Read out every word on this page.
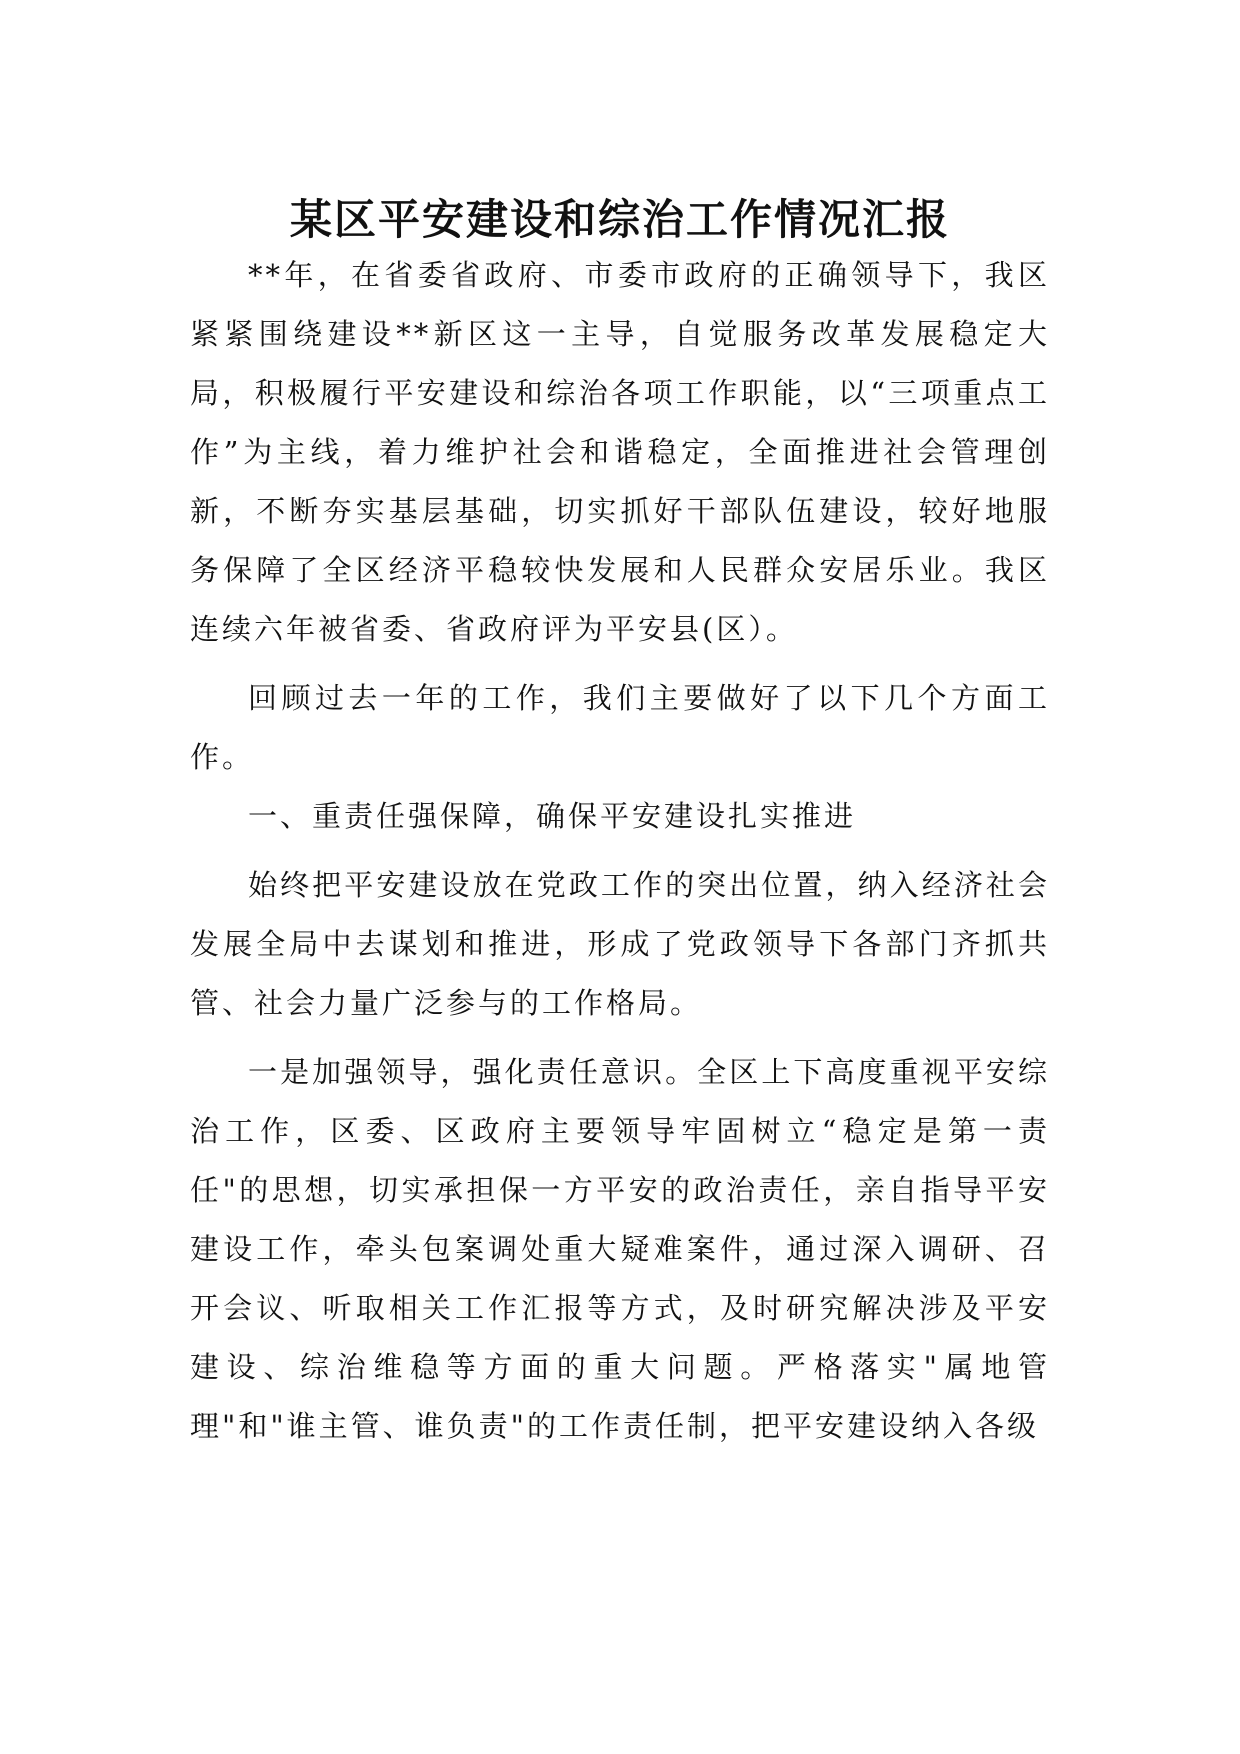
某区平安建设和综治工作情况汇报

**年，在省委省政府、市委市政府的正确领导下，我区紧紧围绕建设**新区这一主导，自觉服务改革发展稳定大局，积极履行平安建设和综治各项工作职能，以“三项重点工作”为主线，着力维护社会和谐稳定，全面推进社会管理创新，不断夯实基层基础，切实抓好干部队伍建设，较好地服务保障了全区经济平稳较快发展和人民群众安居乐业。我区连续六年被省委、省政府评为平安县(区）。

回顾过去一年的工作，我们主要做好了以下几个方面工作。

一、重责任强保障，确保平安建设扎实推进

始终把平安建设放在党政工作的突出位置，纳入经济社会发展全局中去谋划和推进，形成了党政领导下各部门齐抓共管、社会力量广泛参与的工作格局。

一是加强领导，强化责任意识。全区上下高度重视平安综治工作，区委、区政府主要领导牢固树立“稳定是第一责任"的思想，切实承担保一方平安的政治责任，亲自指导平安建设工作，牵头包案调处重大疑难案件，通过深入调研、召开会议、听取相关工作汇报等方式，及时研究解决涉及平安建设、综治维稳等方面的重大问题。严格落实"属地管理"和"谁主管、谁负责"的工作责任制，把平安建设纳入各级
